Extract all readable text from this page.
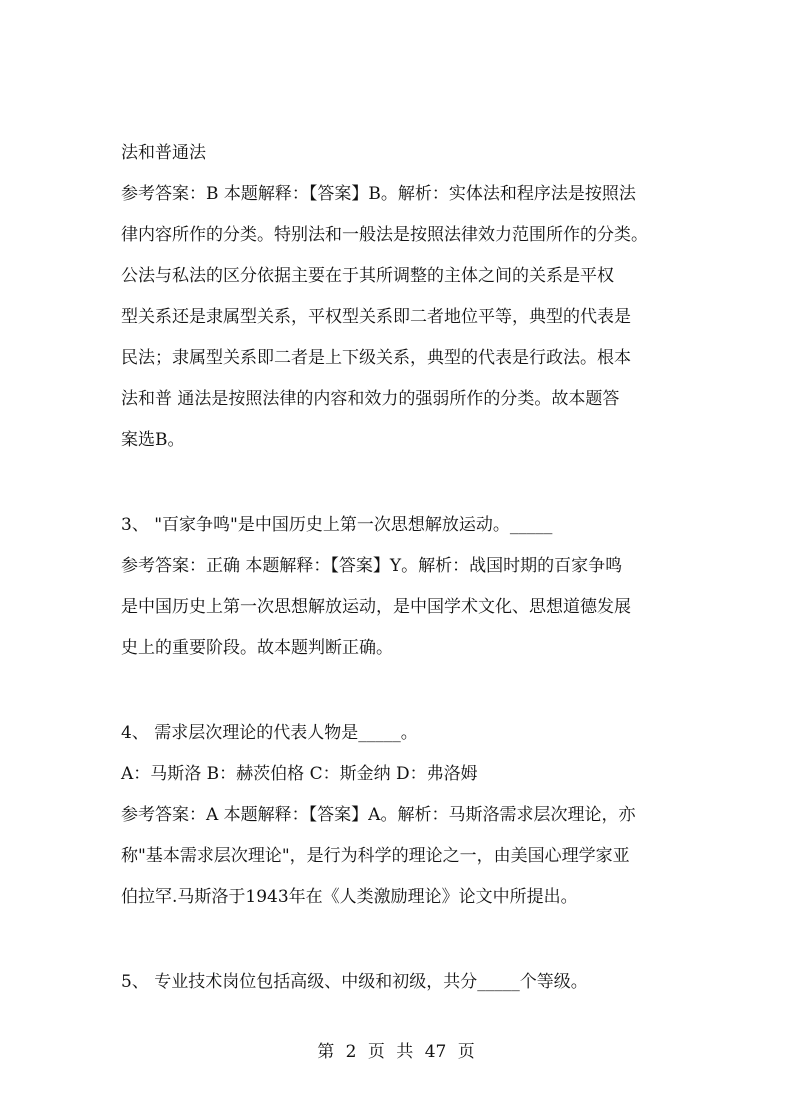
法和普通法
参考答案：B 本题解释：【答案】B。解析：实体法和程序法是按照法
律内容所作的分类。特别法和一般法是按照法律效力范围所作的分类。
公法与私法的区分依据主要在于其所调整的主体之间的关系是平权
型关系还是隶属型关系，平权型关系即二者地位平等，典型的代表是
民法；隶属型关系即二者是上下级关系，典型的代表是行政法。根本
法和普 通法是按照法律的内容和效力的强弱所作的分类。故本题答
案选B。
3、 "百家争鸣"是中国历史上第一次思想解放运动。_____
参考答案：正确 本题解释：【答案】Y。解析：战国时期的百家争鸣
是中国历史上第一次思想解放运动，是中国学术文化、思想道德发展
史上的重要阶段。故本题判断正确。
4、 需求层次理论的代表人物是_____。
A：马斯洛 B：赫茨伯格 C：斯金纳 D：弗洛姆
参考答案：A 本题解释：【答案】A。解析：马斯洛需求层次理论，亦
称"基本需求层次理论"，是行为科学的理论之一，由美国心理学家亚
伯拉罕.马斯洛于1943年在《人类激励理论》论文中所提出。
5、 专业技术岗位包括高级、中级和初级，共分_____个等级。
第 2 页 共 47 页
